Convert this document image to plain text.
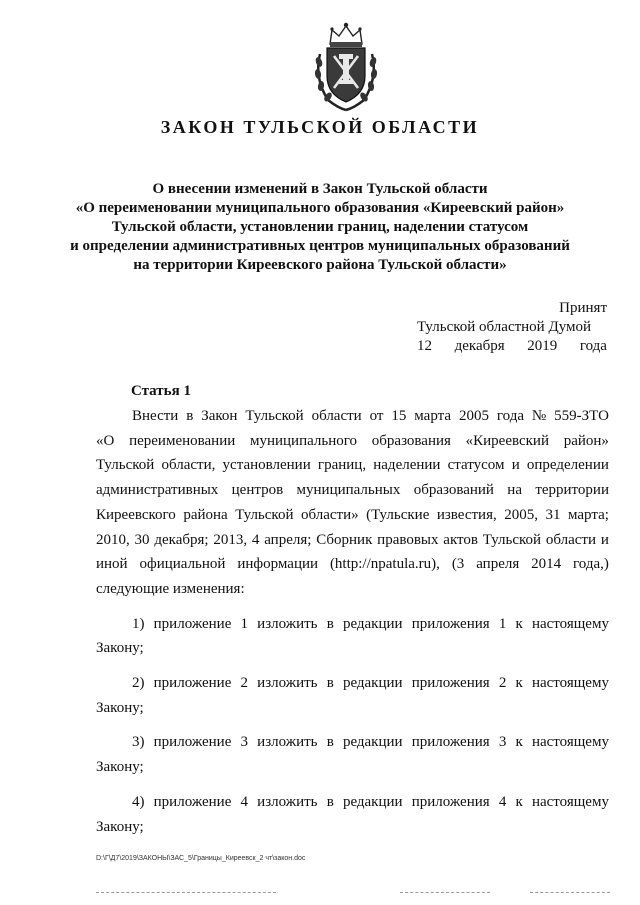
ЗАКОН ТУЛЬСКОЙ ОБЛАСТИ
О внесении изменений в Закон Тульской области
«О переименовании муниципального образования «Киреевский район»
Тульской области, установлении границ, наделении статусом
и определении административных центров муниципальных образований
на территории Киреевского района Тульской области»
Принят
Тульской областной Думой
12 декабря 2019 года
Статья 1
Внести в Закон Тульской области от 15 марта 2005 года № 559-ЗТО
«О переименовании муниципального образования «Киреевский район»
Тульской области, установлении границ, наделении статусом и определении
административных центров муниципальных образований на территории
Киреевского района Тульской области» (Тульские известия, 2005, 31 марта;
2010, 30 декабря; 2013, 4 апреля; Сборник правовых актов Тульской области и
иной официальной информации (http://npatula.ru), (3 апреля 2014 года,)
следующие изменения:
1) приложение 1 изложить в редакции приложения 1 к настоящему
Закону;
2) приложение 2 изложить в редакции приложения 2 к настоящему
Закону;
3) приложение 3 изложить в редакции приложения 3 к настоящему
Закону;
4) приложение 4 изложить в редакции приложения 4 к настоящему
Закону;
D:\Г\Д7\2019\ЗАКОНЫ\ЗАС_5\Границы_Киреевск_2 чт\закон.doc
